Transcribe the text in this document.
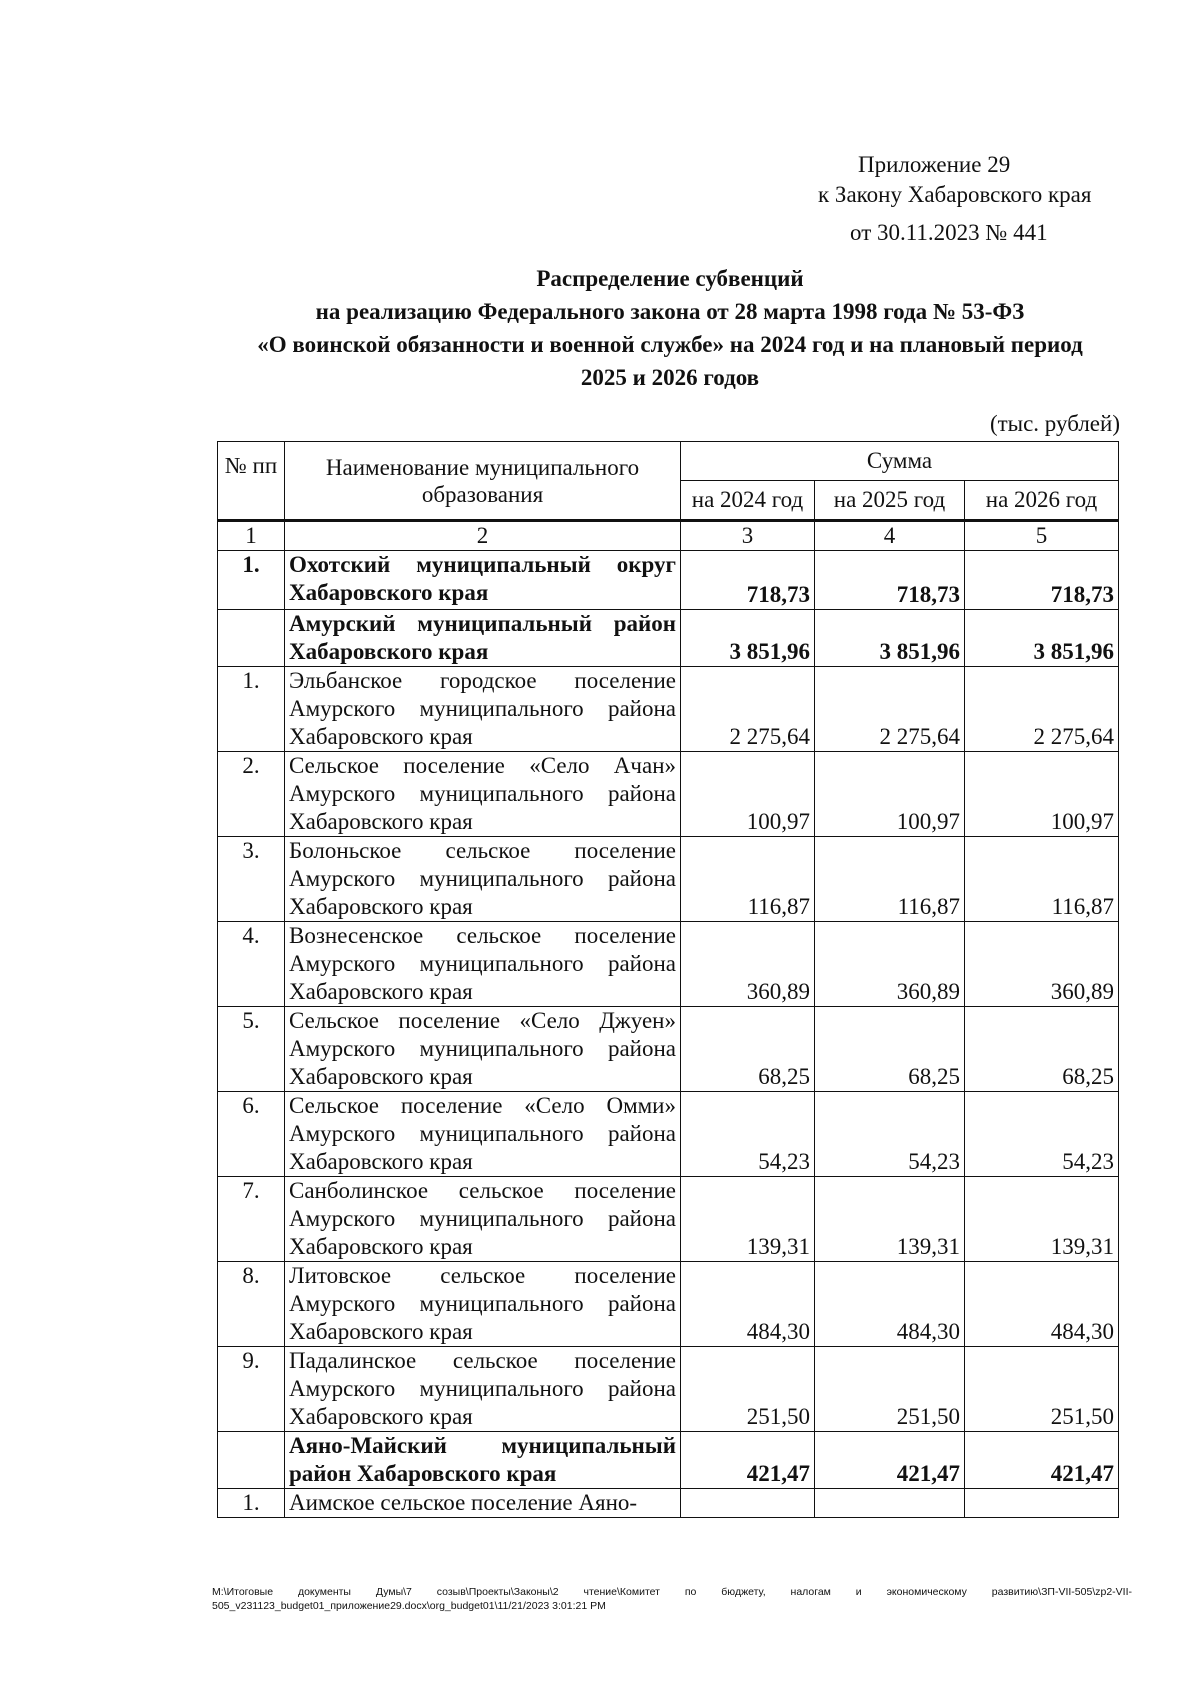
Приложение 29
к Закону Хабаровского края
от 30.11.2023 № 441
Распределение субвенций
на реализацию Федерального закона от 28 марта 1998 года № 53-ФЗ
«О воинской обязанности и военной службе» на 2024 год и на плановый период
2025 и 2026 годов
(тыс. рублей)
№ пп	Наименование муниципального образования	Сумма		
		на 2024 год	на 2025 год	на 2026 год
1	2	3	4	5
1.	Охотский муниципальный округ Хабаровского края	718,73	718,73	718,73
	Амурский муниципальный район Хабаровского края	3 851,96	3 851,96	3 851,96
1.	Эльбанское городское поселение Амурского муниципального района Хабаровского края	2 275,64	2 275,64	2 275,64
2.	Сельское поселение «Село Ачан» Амурского муниципального района Хабаровского края	100,97	100,97	100,97
3.	Болоньское сельское поселение Амурского муниципального района Хабаровского края	116,87	116,87	116,87
4.	Вознесенское сельское поселение Амурского муниципального района Хабаровского края	360,89	360,89	360,89
5.	Сельское поселение «Село Джуен» Амурского муниципального района Хабаровского края	68,25	68,25	68,25
6.	Сельское поселение «Село Омми» Амурского муниципального района Хабаровского края	54,23	54,23	54,23
7.	Санболинское сельское поселение Амурского муниципального района Хабаровского края	139,31	139,31	139,31
8.	Литовское сельское поселение Амурского муниципального района Хабаровского края	484,30	484,30	484,30
9.	Падалинское сельское поселение Амурского муниципального района Хабаровского края	251,50	251,50	251,50
	Аяно-Майский муниципальный район Хабаровского края	421,47	421,47	421,47
1.	Аимское сельское поселение Аяно-			
M:\Итоговые документы Думы\7 созыв\Проекты\Законы\2 чтение\Комитет по бюджету, налогам и экономическому развитию\ЗП-VII-505\zp2-VII-505_v231123_budget01_приложение29.docx\org_budget01\11/21/2023 3:01:21 PM
